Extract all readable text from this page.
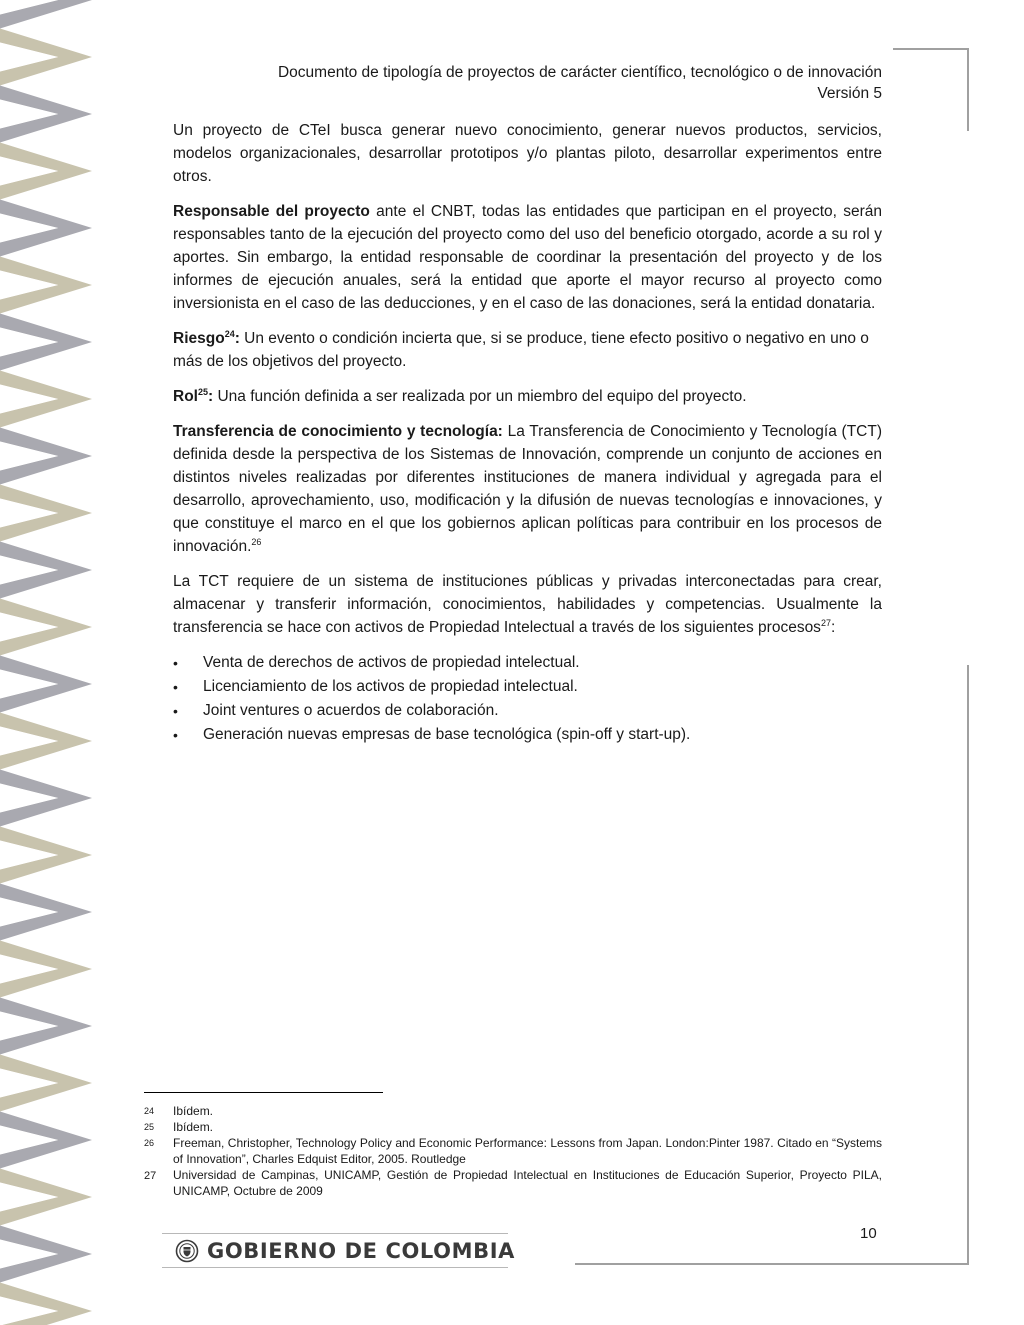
Documento de tipología de proyectos de carácter científico, tecnológico o de innovación
Versión 5

Un proyecto de CTeI busca generar nuevo conocimiento, generar nuevos productos, servicios, modelos organizacionales, desarrollar prototipos y/o plantas piloto, desarrollar experimentos entre otros.

Responsable del proyecto ante el CNBT, todas las entidades que participan en el proyecto, serán responsables tanto de la ejecución del proyecto como del uso del beneficio otorgado, acorde a su rol y aportes. Sin embargo, la entidad responsable de coordinar la presentación del proyecto y de los informes de ejecución anuales, será la entidad que aporte el mayor recurso al proyecto como inversionista en el caso de las deducciones, y en el caso de las donaciones, será la entidad donataria.

Riesgo$^{24}$: Un evento o condición incierta que, si se produce, tiene efecto positivo o negativo en uno o más de los objetivos del proyecto.

Rol$^{25}$: Una función definida a ser realizada por un miembro del equipo del proyecto.

Transferencia de conocimiento y tecnología: La Transferencia de Conocimiento y Tecnología (TCT) definida desde la perspectiva de los Sistemas de Innovación, comprende un conjunto de acciones en distintos niveles realizadas por diferentes instituciones de manera individual y agregada para el desarrollo, aprovechamiento, uso, modificación y la difusión de nuevas tecnologías e innovaciones, y que constituye el marco en el que los gobiernos aplican políticas para contribuir en los procesos de innovación.$^{26}$

La TCT requiere de un sistema de instituciones públicas y privadas interconectadas para crear, almacenar y transferir información, conocimientos, habilidades y competencias. Usualmente la transferencia se hace con activos de Propiedad Intelectual a través de los siguientes procesos$^{27}$:

• Venta de derechos de activos de propiedad intelectual.
• Licenciamiento de los activos de propiedad intelectual.
• Joint ventures o acuerdos de colaboración.
• Generación nuevas empresas de base tecnológica (spin-off y start-up).
24 Ibídem.
25 Ibídem.
26 Freeman, Christopher, Technology Policy and Economic Performance: Lessons from Japan. London:Pinter 1987. Citado en “Systems of Innovation”, Charles Edquist Editor, 2005. Routledge
27 Universidad de Campinas, UNICAMP, Gestión de Propiedad Intelectual en Instituciones de Educación Superior, Proyecto PILA, UNICAMP, Octubre de 2009
10
GOBIERNO DE COLOMBIA
